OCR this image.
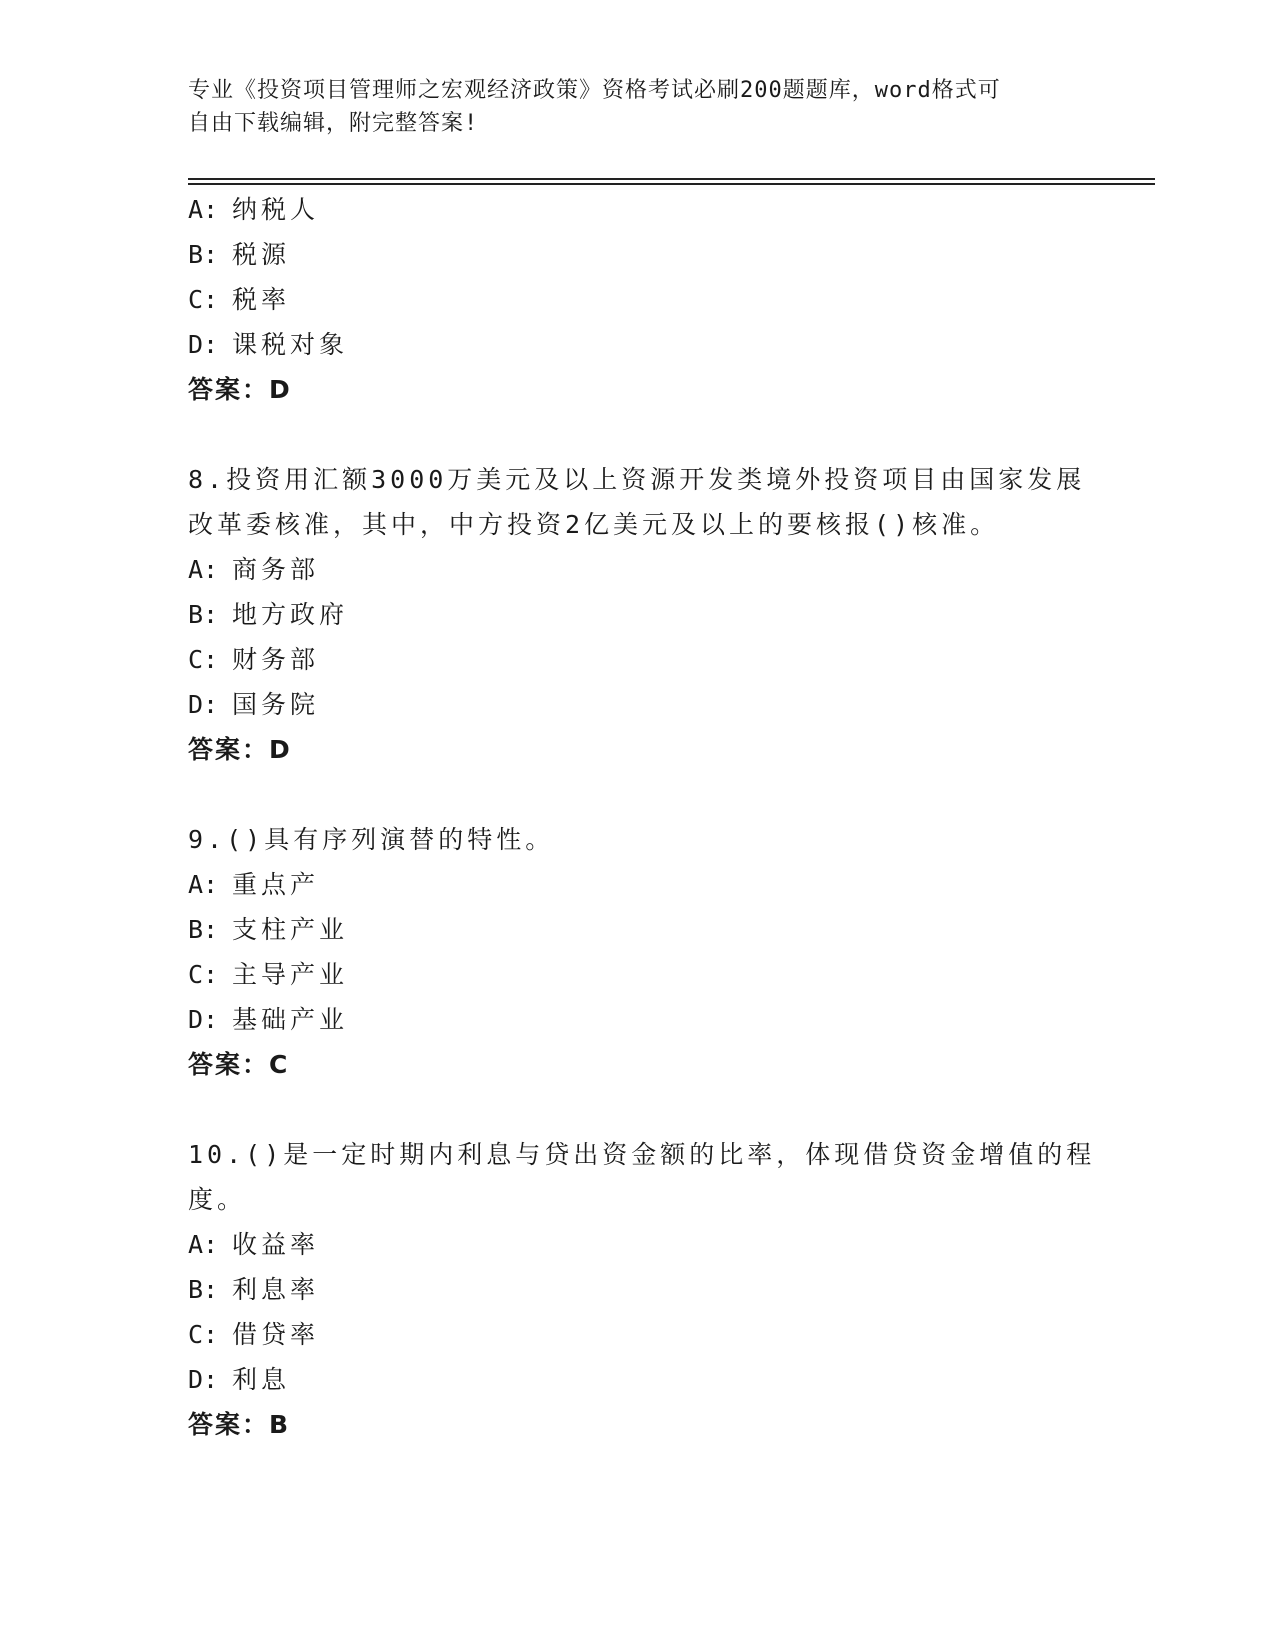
专业《投资项目管理师之宏观经济政策》资格考试必刷200题题库，word格式可
自由下载编辑，附完整答案!
A: 纳税人
B: 税源
C: 税率
D: 课税对象
答案：D
8.投资用汇额3000万美元及以上资源开发类境外投资项目由国家发展
改革委核准，其中，中方投资2亿美元及以上的要核报()核准。
A: 商务部
B: 地方政府
C: 财务部
D: 国务院
答案：D
9.()具有序列演替的特性。
A: 重点产
B: 支柱产业
C: 主导产业
D: 基础产业
答案：C
10.()是一定时期内利息与贷出资金额的比率，体现借贷资金增值的程
度。
A: 收益率
B: 利息率
C: 借贷率
D: 利息
答案：B
